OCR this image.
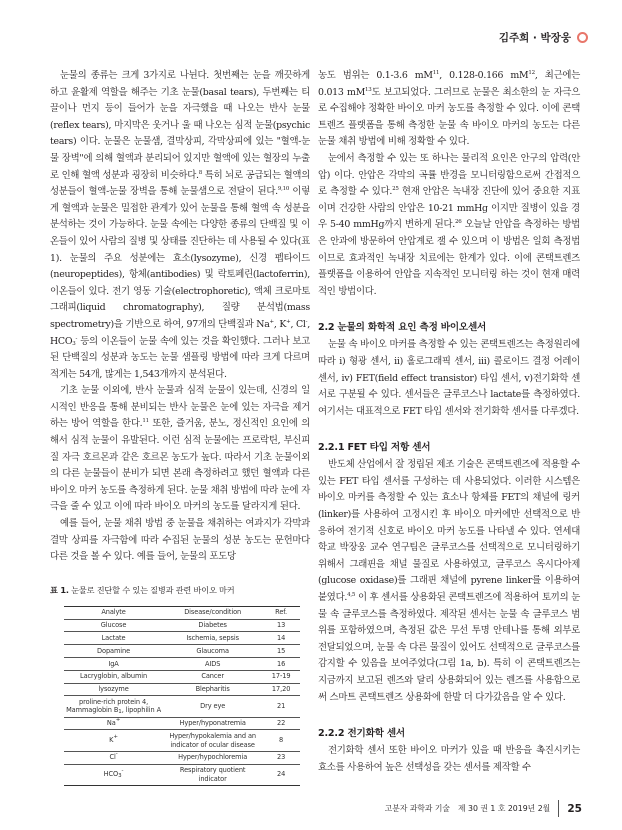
김주희 · 박장웅

눈물의 종류는 크게 3가지로 나뉜다. 첫번째는 눈을 깨끗하게 하고 윤활제 역할을 해주는 기초 눈물(basal tears), 두번째는 티끌이나 먼지 등이 들어가 눈을 자극했을 때 나오는 반사 눈물(reflex tears), 마지막은 웃거나 울 때 나오는 심적 눈물(psychic tears) 이다. 눈물은 눈물샘, 결막상피, 각막상피에 있는 "혈액-눈물 장벽"에 의해 혈액과 분리되어 있지만 혈액에 있는 혈장의 누출로 인해 혈액 성분과 굉장히 비슷하다.$^8$ 특히 뇌로 공급되는 혈액의 성분들이 혈액-눈물 장벽을 통해 눈물샘으로 전달이 된다.$^{9,10}$ 이렇게 혈액과 눈물은 밀접한 관계가 있어 눈물을 통해 혈액 속 성분을 분석하는 것이 가능하다. 눈물 속에는 다양한 종류의 단백질 및 이온들이 있어 사람의 질병 및 상태를 진단하는 데 사용될 수 있다(표 1). 눈물의 주요 성분에는 효소(lysozyme), 신경 펩타이드(neuropeptides), 항체(antibodies) 및 락토페린(lactoferrin), 이온들이 있다. 전기 영동 기술(electrophoretic), 액체 크로마토 그래피(liquid chromatography), 질량 분석법(mass spectrometry)을 기반으로 하여, 97개의 단백질과 Na+, K+, Cl-, $HCO_3^-$ 등의 이온들이 눈물 속에 있는 것을 확인했다. 그러나 보고된 단백질의 성분과 농도는 눈물 샘플링 방법에 따라 크게 다르며 적게는 54개, 많게는 1,543개까지 분석된다.

기초 눈물 이외에, 반사 눈물과 심적 눈물이 있는데, 신경의 일시적인 반응을 통해 분비되는 반사 눈물은 눈에 있는 자극을 제거하는 방어 역할을 한다.$^{11}$ 또한, 즐거움, 분노, 정신적인 요인에 의해서 심적 눈물이 유발된다. 이런 심적 눈물에는 프로락틴, 부신피질 자극 호르몬과 같은 호르몬 농도가 높다. 따라서 기초 눈물이외의 다른 눈물들이 분비가 되면 본래 측정하려고 했던 혈액과 다른 바이오 마커 농도를 측정하게 된다. 눈물 채취 방법에 따라 눈에 자극을 줄 수 있고 이에 따라 바이오 마커의 농도를 달라지게 된다.

예를 들어, 눈물 채취 방법 중 눈물을 채취하는 여과지가 각막과 결막 상피를 자극함에 따라 수집된 눈물의 성분 농도는 문헌마다 다른 것을 볼 수 있다. 예를 들어, 눈물의 포도당

표 1. 눈물로 진단할 수 있는 질병과 관련 바이오 마커
Analyte	Disease/condition	Ref.
Glucose	Diabetes	13
Lactate	Ischemia, sepsis	14
Dopamine	Glaucoma	15
IgA	AIDS	16
Lacryglobin, albumin	Cancer	17-19
lysozyme	Blepharitis	17,20
proline-rich protein 4,
Mammaglobin $B_1$, lipophilin A	Dry eye	21
Na+	Hyper/hyponatremia	22
K+	Hyper/hypokalemia and an
indicator of ocular disease	8
Cl-	Hyper/hypochloremia	23
$HCO_3^-$	Respiratory quotient
indicator	24

농도 범위는 0.1-3.6 $mM^{11}$, 0.128-0.166 $mM^{12}$, 최근에는 0.013 $mM^{13}$도 보고되었다. 그러므로 눈물은 최소한의 눈 자극으로 수집해야 정확한 바이오 마커 농도를 측정할 수 있다. 이에 콘택트렌즈 플랫폼을 통해 측정한 눈물 속 바이오 마커의 농도는 다른 눈물 채취 방법에 비해 정확할 수 있다.

눈에서 측정할 수 있는 또 하나는 물리적 요인은 안구의 압력(안압) 이다. 안압은 각막의 곡률 반경을 모니터링함으로써 간접적으로 측정할 수 있다.$^{25}$ 현재 안압은 녹내장 진단에 있어 중요한 지표이며 건강한 사람의 안압은 10-21 mmHg 이지만 질병이 있을 경우 5-40 mmHg까지 변하게 된다.$^{26}$ 오늘날 안압을 측정하는 방법은 안과에 방문하여 안압계로 잴 수 있으며 이 방법은 일회 측정법이므로 효과적인 녹내장 치료에는 한계가 있다. 이에 콘택트렌즈 플랫폼을 이용하여 안압을 지속적인 모니터링 하는 것이 현재 매력적인 방법이다.

2.2 눈물의 화학적 요인 측정 바이오센서

눈물 속 바이오 마커를 측정할 수 있는 콘택트렌즈는 측정원리에 따라 i) 형광 센서, ii) 홀로그래픽 센서, iii) 콜로이드 결정 어레이 센서, iv) FET(field effect transistor) 타입 센서, v)전기화학 센서로 구분될 수 있다. 센서들은 글루코스나 lactate를 측정하였다. 여기서는 대표적으로 FET 타입 센서와 전기화학 센서를 다루겠다.

2.2.1 FET 타입 저항 센서

반도체 산업에서 잘 정립된 제조 기술은 콘택트렌즈에 적용할 수 있는 FET 타입 센서를 구성하는 데 사용되었다. 이러한 시스템은 바이오 마커를 측정할 수 있는 효소나 항체를 FET의 채널에 링커(linker)를 사용하여 고정시킨 후 바이오 마커에만 선택적으로 반응하여 전기적 신호로 바이오 마커 농도를 나타낼 수 있다. 연세대학교 박장웅 교수 연구팀은 글루코스를 선택적으로 모니터링하기 위해서 그래핀을 채널 물질로 사용하였고, 글루코스 옥시다아제(glucose oxidase)를 그래핀 채널에 pyrene linker를 이용하여 붙였다.$^{4,5}$ 이 후 센서를 상용화된 콘택트렌즈에 적용하여 토끼의 눈물 속 글루코스를 측정하였다. 제작된 센서는 눈물 속 글루코스 범위를 포함하였으며, 측정된 값은 무선 투명 안테나를 통해 외부로 전달되었으며, 눈물 속 다른 물질이 있어도 선택적으로 글루코스를 감지할 수 있음을 보여주었다(그림 1a, b). 특히 이 콘택트렌즈는 지금까지 보고된 렌즈와 달리 상용화되어 있는 렌즈를 사용함으로써 스마트 콘택트렌즈 상용화에 한발 더 다가갔음을 알 수 있다.

2.2.2 전기화학 센서

전기화학 센서 또한 바이오 마커가 있을 때 반응을 촉진시키는 효소를 사용하여 높은 선택성을 갖는 센서를 제작할 수

고분자 과학과 기술 제 30 권 1 호 2019년 2월 25
